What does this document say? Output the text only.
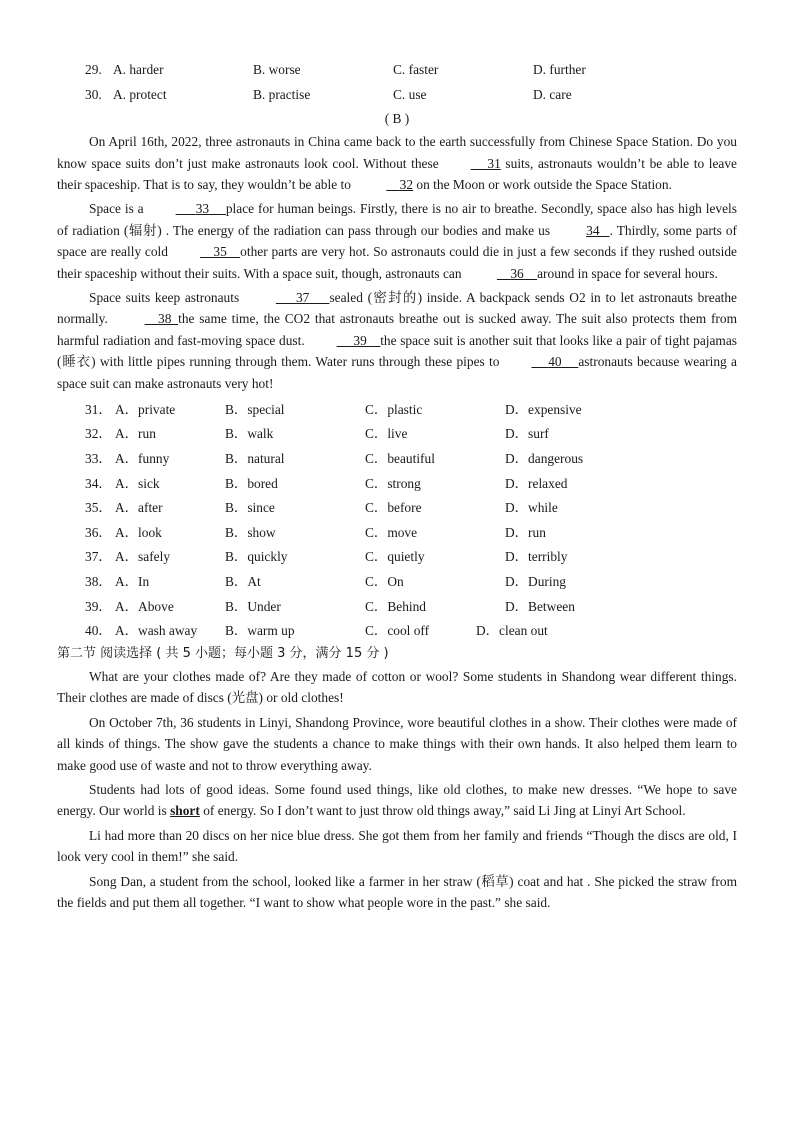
29. A. harder	B. worse	C. faster	D. further
30. A. protect	B. practise	C. use	D. care
( B )

On April 16th, 2022, three astronauts in China came back to the earth successfully from Chinese Space Station. Do you know space suits don’t just make astronauts look cool. Without these	31 suits, astronauts wouldn’t be able to leave their spaceship. That is to say, they wouldn’t be able to	32 on the Moon or work outside the Space Station.

Space is a	33 place for human beings. Firstly, there is no air to breathe. Secondly, space also has high levels of radiation (辐射) . The energy of the radiation can pass through our bodies and make us	34 . Thirdly, some parts of space are really cold	35 other parts are very hot. So astronauts could die in just a few seconds if they rushed outside their spaceship without their suits. With a space suit, though, astronauts can	36 around in space for several hours.

Space suits keep astronauts	37 sealed (密封的) inside. A backpack sends O2 in to let astronauts breathe normally.	38 the same time, the CO2 that astronauts breathe out is sucked away. The suit also protects them from harmful radiation and fast-moving space dust.	39 the space suit is another suit that looks like a pair of tight pajamas (睡衣) with little pipes running through them. Water runs through these pipes to	40 astronauts because wearing a space suit can make astronauts very hot!

31． A．private	B．special	C．plastic	D．expensive
32． A．run	B．walk	C．live	D．surf
33． A．funny	B．natural	C．beautiful	D．dangerous
34． A．sick	B．bored	C．strong	D．relaxed
35． A．after	B．since	C．before	D．while
36． A．look	B．show	C．move	D．run
37． A．safely	B．quickly	C．quietly	D．terribly
38． A．In	B．At	C．On	D．During
39． A．Above	B．Under	C．Behind	D．Between
40． A．wash away	B．warm up	C．cool off	D．clean out
第二节 阅读选择 ( 共 5 小题；每小题 3 分，满分 15 分 )

What are your clothes made of? Are they made of cotton or wool? Some students in Shandong wear different things. Their clothes are made of discs (光盘) or old clothes!

On October 7th, 36 students in Linyi, Shandong Province, wore beautiful clothes in a show. Their clothes were made of all kinds of things. The show gave the students a chance to make things with their own hands. It also helped them learn to make good use of waste and not to throw everything away.

Students had lots of good ideas. Some found used things, like old clothes, to make new dresses. “We hope to save energy. Our world is short of energy. So I don’t want to just throw old things away,” said Li Jing at Linyi Art School.

Li had more than 20 discs on her nice blue dress. She got them from her family and friends “Though the discs are old, I look very cool in them!” she said.

Song Dan, a student from the school, looked like a farmer in her straw (稻草) coat and hat . She picked the straw from the fields and put them all together. “I want to show what people wore in the past.” she said.
